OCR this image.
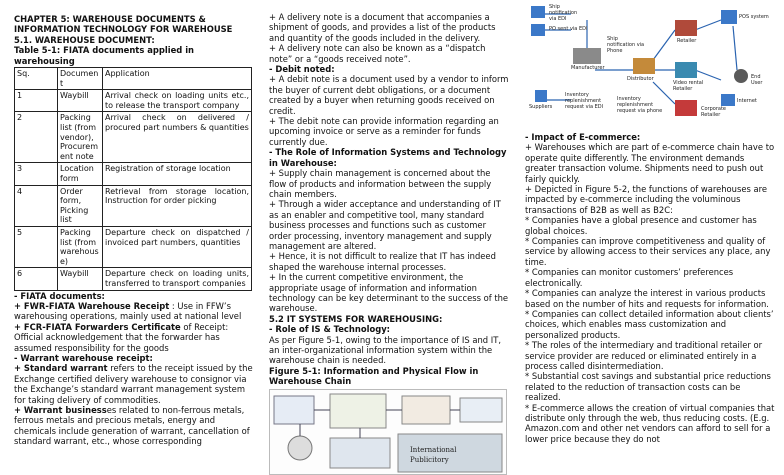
CHAPTER 5: WAREHOUSE DOCUMENTS &

INFORMATION TECHNOLOGY FOR WAREHOUSE

5.1. WAREHOUSE DOCUMENT:

Table 5-1: FIATA documents applied in

warehousing

Sq.	Documen t	Application
1	Waybill	Arrival check on loading units etc., to release the transport company
2	Packing list (from vendor), Procurem ent note	Arrival check on delivered / procured part numbers & quantities
3	Location form	Registration of storage location
4	Order form, Picking list	Retrieval from storage location, Instruction for order picking
5	Packing list (from warehous e)	Departure check on dispatched / invoiced part numbers, quantities
6	Waybill	Departure check on loading units, transferred to transport companies

- FIATA documents:

+ FWR-FIATA Warehouse Receipt : Use in FFW’s warehousing operations, mainly used at national level

+ FCR-FIATA Forwarders Certificate of Receipt: Official acknowledgement that the forwarder has assumed responsibility for the goods

- Warrant warehouse receipt:

+ Standard warrant refers to the receipt issued by the Exchange certified delivery warehouse to consignor via the Exchange’s standard warrant management system for taking delivery of commodities.

+ Warrant businesses related to non-ferrous metals, ferrous metals and precious metals, energy and chemicals include generation of warrant, cancellation of standard warrant, etc., whose corresponding

+ A delivery note is a document that accompanies a shipment of goods, and provides a list of the products and quantity of the goods included in the delivery.

+ A delivery note can also be known as a “dispatch note” or a “goods received note”.

- Debit noted:

+ A debit note is a document used by a vendor to inform the buyer of current debt obligations, or a document created by a buyer when returning goods received on credit.

+ The debit note can provide information regarding an upcoming invoice or serve as a reminder for funds currently due.

- The Role of Information Systems and Technology in Warehouse:

+ Supply chain management is concerned about the flow of products and information between the supply chain members.

+ Through a wider acceptance and understanding of IT as an enabler and competitive tool, many standard business processes and functions such as customer order processing, inventory management and supply management are altered.

+ Hence, it is not difficult to realize that IT has indeed shaped the warehouse internal processes.

+ In the current competitive environment, the appropriate usage of information and information technology can be key determinant to the success of the warehouse.

5.2 IT SYSTEMS FOR WAREHOUSING:

- Role of IS & Technology:

As per Figure 5-1, owing to the importance of IS and IT, an inter-organizational information system within the warehouse chain is needed.

Figure 5-1: Information and Physical Flow in Warehouse Chain

International
Publicitory
Ship notification via EDI
PO sent via EDI
Manufacturer
Suppliers
Inventory replenishment request via EDI
Ship notification via Phone
Distributor
Inventory replenishment request via phone
Retailer
Video rental Retailer
Corporate Retailer
POS system
End User
Internet

- Impact of E-commerce:

+ Warehouses which are part of e-commerce chain have to operate quite differently. The environment demands greater transaction volume. Shipments need to push out fairly quickly.

+ Depicted in Figure 5-2, the functions of warehouses are impacted by e-commerce including the voluminous transactions of B2B as well as B2C:

* Companies have a global presence and customer has global choices.

* Companies can improve competitiveness and quality of service by allowing access to their services any place, any time.

* Companies can monitor customers’ preferences electronically.

* Companies can analyze the interest in various products based on the number of hits and requests for information.

* Companies can collect detailed information about clients’ choices, which enables mass customization and personalized products.

* The roles of the intermediary and traditional retailer or service provider are reduced or eliminated entirely in a process called disintermediation.

* Substantial cost savings and substantial price reductions related to the reduction of transaction costs can be realized.

* E-commerce allows the creation of virtual companies that distribute only through the web, thus reducing costs. (E.g. Amazon.com and other net vendors can afford to sell for a lower price because they do not
